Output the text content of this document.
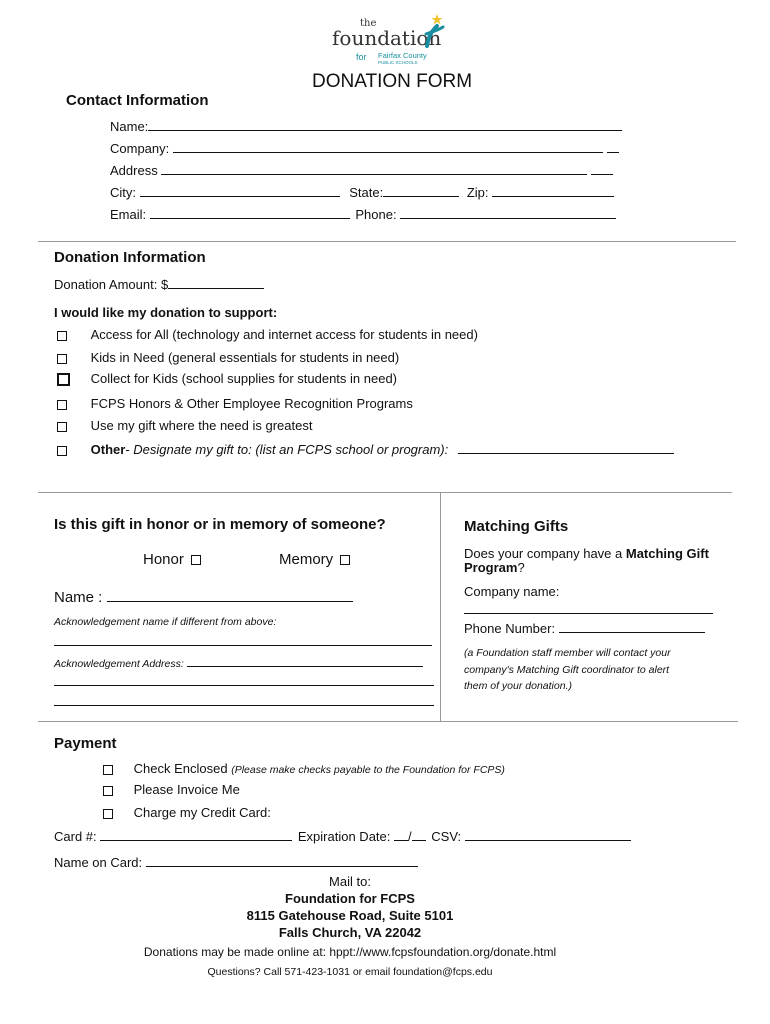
the
foundation
for Fairfax County
PUBLIC SCHOOLS
DONATION FORM
Contact Information
Name:
Company:
Address
City:	State:	Zip:
Email:	Phone:
Donation Information
Donation Amount: $
I would like my donation to support:
Access for All (technology and internet access for students in need)
Kids in Need (general essentials for students in need)
Collect for Kids (school supplies for students in need)
FCPS Honors & Other Employee Recognition Programs
Use my gift where the need is greatest
Other- Designate my gift to: (list an FCPS school or program):
Is this gift in honor or in memory of someone?
Honor	Memory
Name :
Acknowledgement name if different from above:
Acknowledgement Address:
Matching Gifts
Does your company have a Matching Gift
Program?
Company name:
Phone Number:
(a Foundation staff member will contact your
company's Matching Gift coordinator to alert
them of your donation.)
Payment
Check Enclosed (Please make checks payable to the Foundation for FCPS)
Please Invoice Me
Charge my Credit Card:
Card #:	Expiration Date: / CSV:
Name on Card:
Mail to:
Foundation for FCPS
8115 Gatehouse Road, Suite 5101
Falls Church, VA 22042
Donations may be made online at: hppt://www.fcpsfoundation.org/donate.html
Questions? Call 571-423-1031 or email foundation@fcps.edu
